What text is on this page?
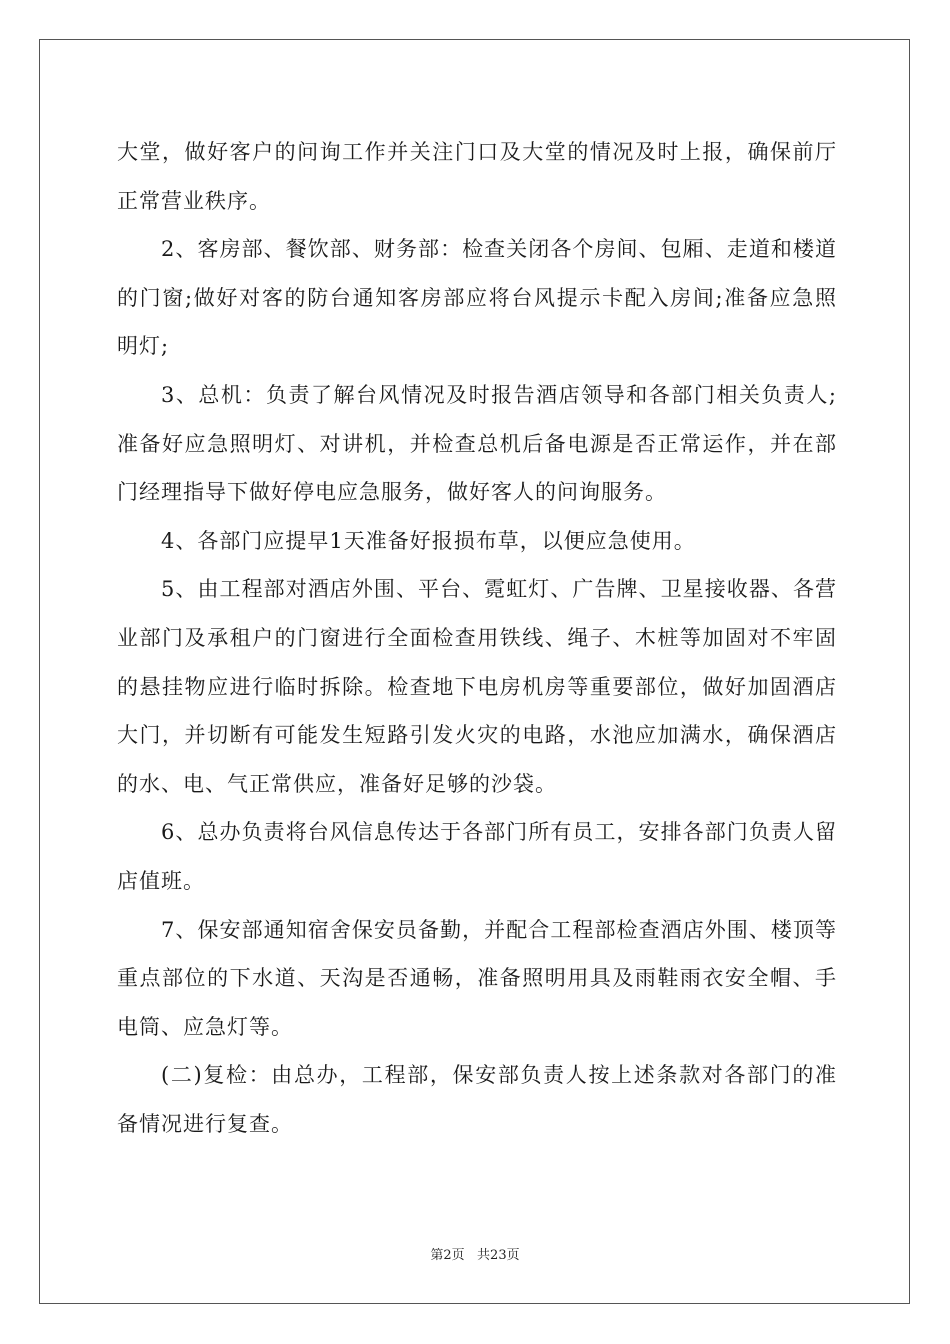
大堂，做好客户的问询工作并关注门口及大堂的情况及时上报，确保前厅正常营业秩序。

2、客房部、餐饮部、财务部：检查关闭各个房间、包厢、走道和楼道的门窗;做好对客的防台通知客房部应将台风提示卡配入房间;准备应急照明灯;

3、总机：负责了解台风情况及时报告酒店领导和各部门相关负责人;准备好应急照明灯、对讲机，并检查总机后备电源是否正常运作，并在部门经理指导下做好停电应急服务，做好客人的问询服务。

4、各部门应提早1天准备好报损布草，以便应急使用。

5、由工程部对酒店外围、平台、霓虹灯、广告牌、卫星接收器、各营业部门及承租户的门窗进行全面检查用铁线、绳子、木桩等加固对不牢固的悬挂物应进行临时拆除。检查地下电房机房等重要部位，做好加固酒店大门，并切断有可能发生短路引发火灾的电路，水池应加满水，确保酒店的水、电、气正常供应，准备好足够的沙袋。

6、总办负责将台风信息传达于各部门所有员工，安排各部门负责人留店值班。

7、保安部通知宿舍保安员备勤，并配合工程部检查酒店外围、楼顶等重点部位的下水道、天沟是否通畅，准备照明用具及雨鞋雨衣安全帽、手电筒、应急灯等。

(二)复检：由总办，工程部，保安部负责人按上述条款对各部门的准备情况进行复查。

第2页   共23页
